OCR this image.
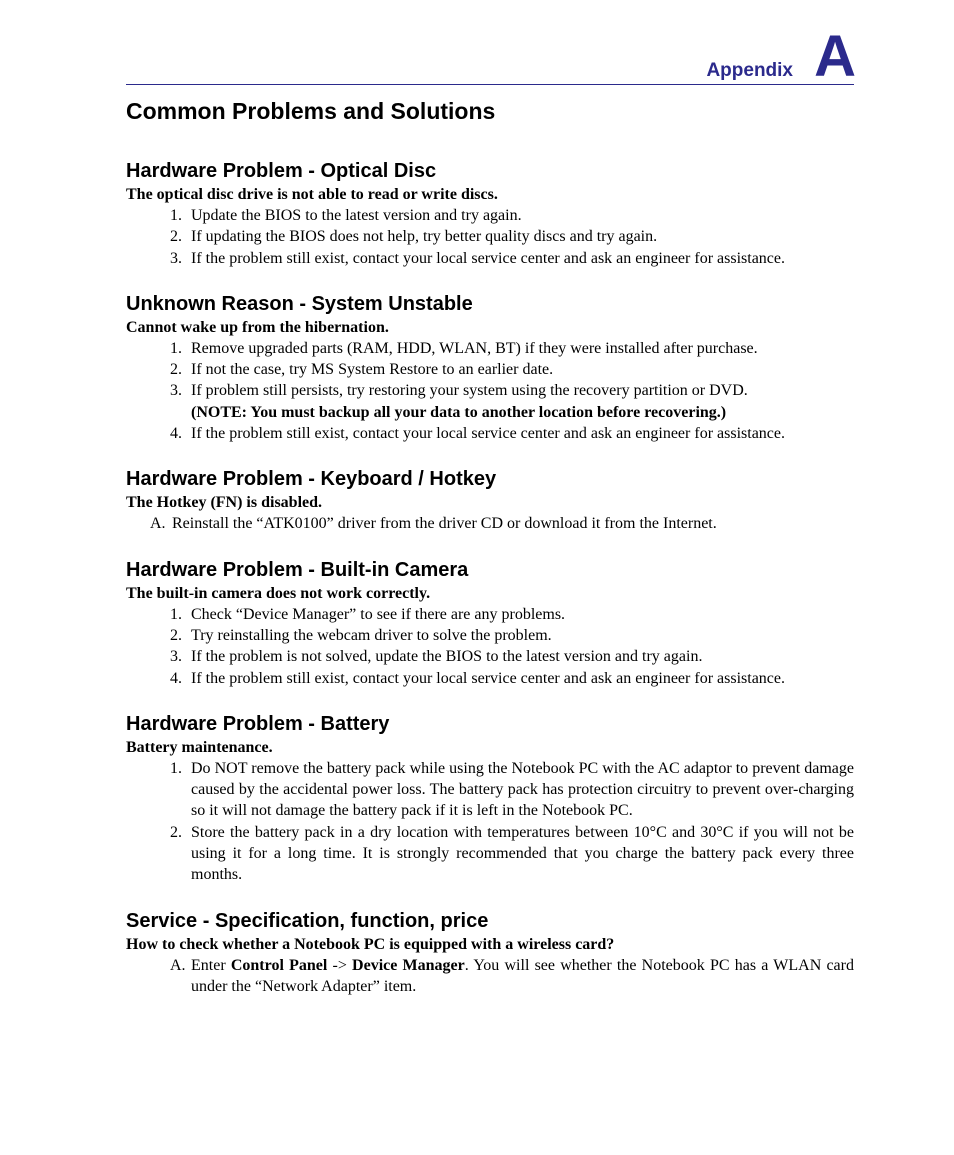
Appendix A
Common Problems and Solutions
Hardware Problem - Optical Disc

The optical disc drive is not able to read or write discs.

1. Update the BIOS to the latest version and try again.
2. If updating the BIOS does not help, try better quality discs and try again.
3. If the problem still exist, contact your local service center and ask an engineer for assistance.
Unknown Reason - System Unstable

Cannot wake up from the hibernation.

1. Remove upgraded parts (RAM, HDD, WLAN, BT) if they were installed after purchase.
2. If not the case, try MS System Restore to an earlier date.
3. If problem still persists, try restoring your system using the recovery partition or DVD.
(NOTE: You must backup all your data to another location before recovering.)
4. If the problem still exist, contact your local service center and ask an engineer for assistance.
Hardware Problem - Keyboard / Hotkey

The Hotkey (FN) is disabled.

A. Reinstall the “ATK0100” driver from the driver CD or download it from the Internet.
Hardware Problem - Built-in Camera

The built-in camera does not work correctly.

1. Check “Device Manager” to see if there are any problems.
2. Try reinstalling the webcam driver to solve the problem.
3. If the problem is not solved, update the BIOS to the latest version and try again.
4. If the problem still exist, contact your local service center and ask an engineer for assistance.
Hardware Problem - Battery

Battery maintenance.

1. Do NOT remove the battery pack while using the Notebook PC with the AC adaptor to prevent damage caused by the accidental power loss. The battery pack has protection circuitry to prevent over-charging so it will not damage the battery pack if it is left in the Notebook PC.
2. Store the battery pack in a dry location with temperatures between 10°C and 30°C if you will not be using it for a long time. It is strongly recommended that you charge the battery pack every three months.
Service - Specification, function, price

How to check whether a Notebook PC is equipped with a wireless card?

A. Enter Control Panel -> Device Manager. You will see whether the Notebook PC has a WLAN card under the “Network Adapter” item.
